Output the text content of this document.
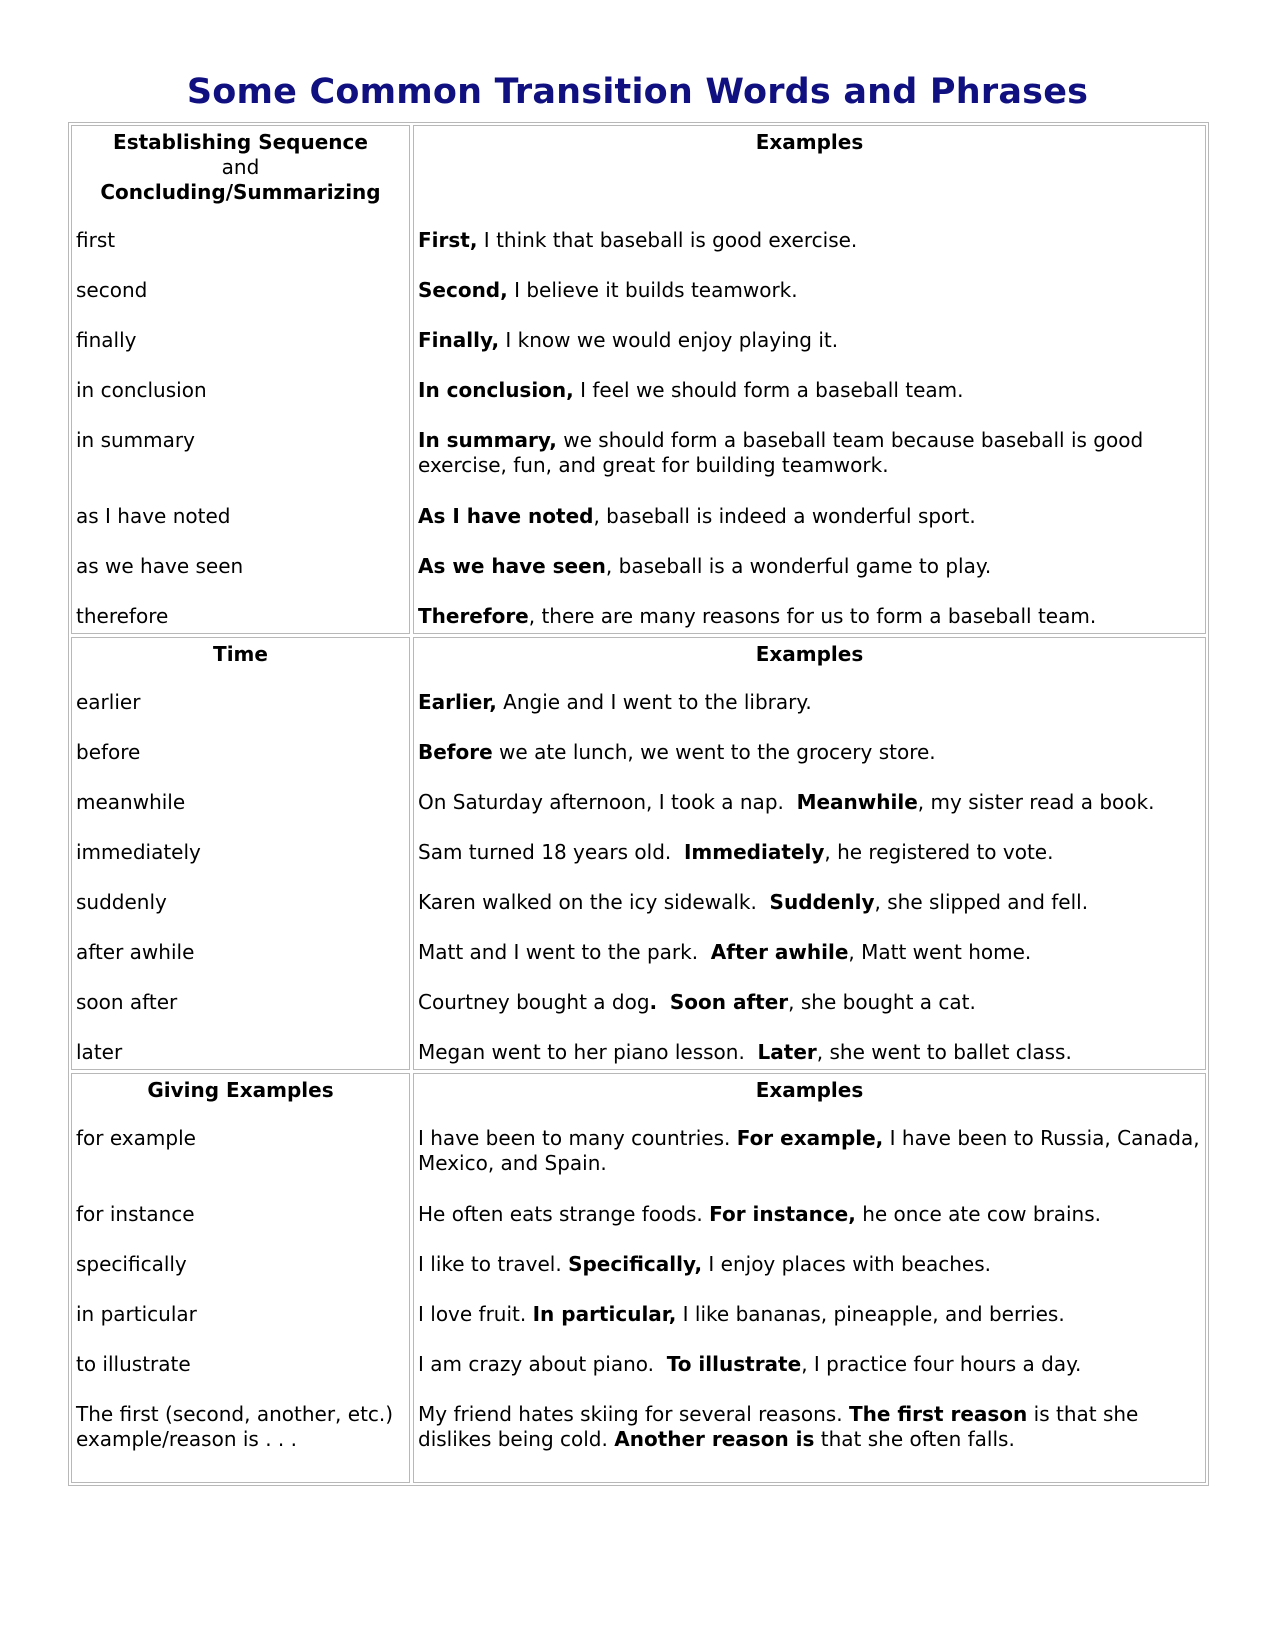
Some Common Transition Words and Phrases
Establishing Sequence
and
Concluding/Summarizing
first
second
finally
in conclusion
in summary
as I have noted
as we have seen
therefore
Examples
First, I think that baseball is good exercise.
Second, I believe it builds teamwork.
Finally, I know we would enjoy playing it.
In conclusion, I feel we should form a baseball team.
In summary, we should form a baseball team because baseball is good exercise, fun, and great for building teamwork.
As I have noted, baseball is indeed a wonderful sport.
As we have seen, baseball is a wonderful game to play.
Therefore, there are many reasons for us to form a baseball team.
Time
earlier
before
meanwhile
immediately
suddenly
after awhile
soon after
later
Examples
Earlier, Angie and I went to the library.
Before we ate lunch, we went to the grocery store.
On Saturday afternoon, I took a nap.  Meanwhile, my sister read a book.
Sam turned 18 years old.  Immediately, he registered to vote.
Karen walked on the icy sidewalk.  Suddenly, she slipped and fell.
Matt and I went to the park.  After awhile, Matt went home.
Courtney bought a dog. Soon after, she bought a cat.
Megan went to her piano lesson.  Later, she went to ballet class.
Giving Examples
for example
for instance
specifically
in particular
to illustrate
The first (second, another, etc.) example/reason is . . .
Examples
I have been to many countries. For example, I have been to Russia, Canada, Mexico, and Spain.
He often eats strange foods. For instance, he once ate cow brains.
I like to travel. Specifically, I enjoy places with beaches.
I love fruit. In particular, I like bananas, pineapple, and berries.
I am crazy about piano.  To illustrate, I practice four hours a day.
My friend hates skiing for several reasons. The first reason is that she dislikes being cold. Another reason is that she often falls.
